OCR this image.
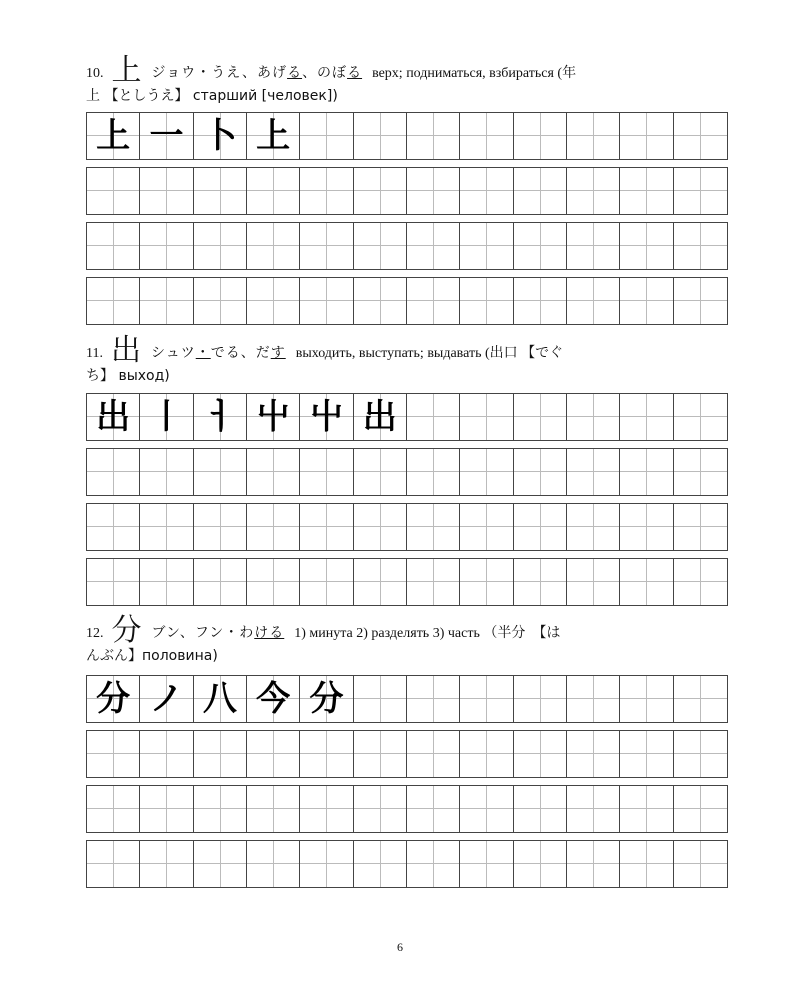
10. 上 ジョウ・うえ、あげる、のぼる верх; подниматься, взбираться (年
上 【としうえ】 старший [человек])
上 ⼀ 卜 上
11. 出 シュツ・でる、だす выходить, выступать; выдавать (出口 【でぐ
ち】 выход)
出 丨 ㅓ 屮 屮 出
12. 分 ブン、フン・わける 1) минута 2) разделять 3) часть （半分　【は
んぶん】половина)
分 ノ 八 今 分
6
